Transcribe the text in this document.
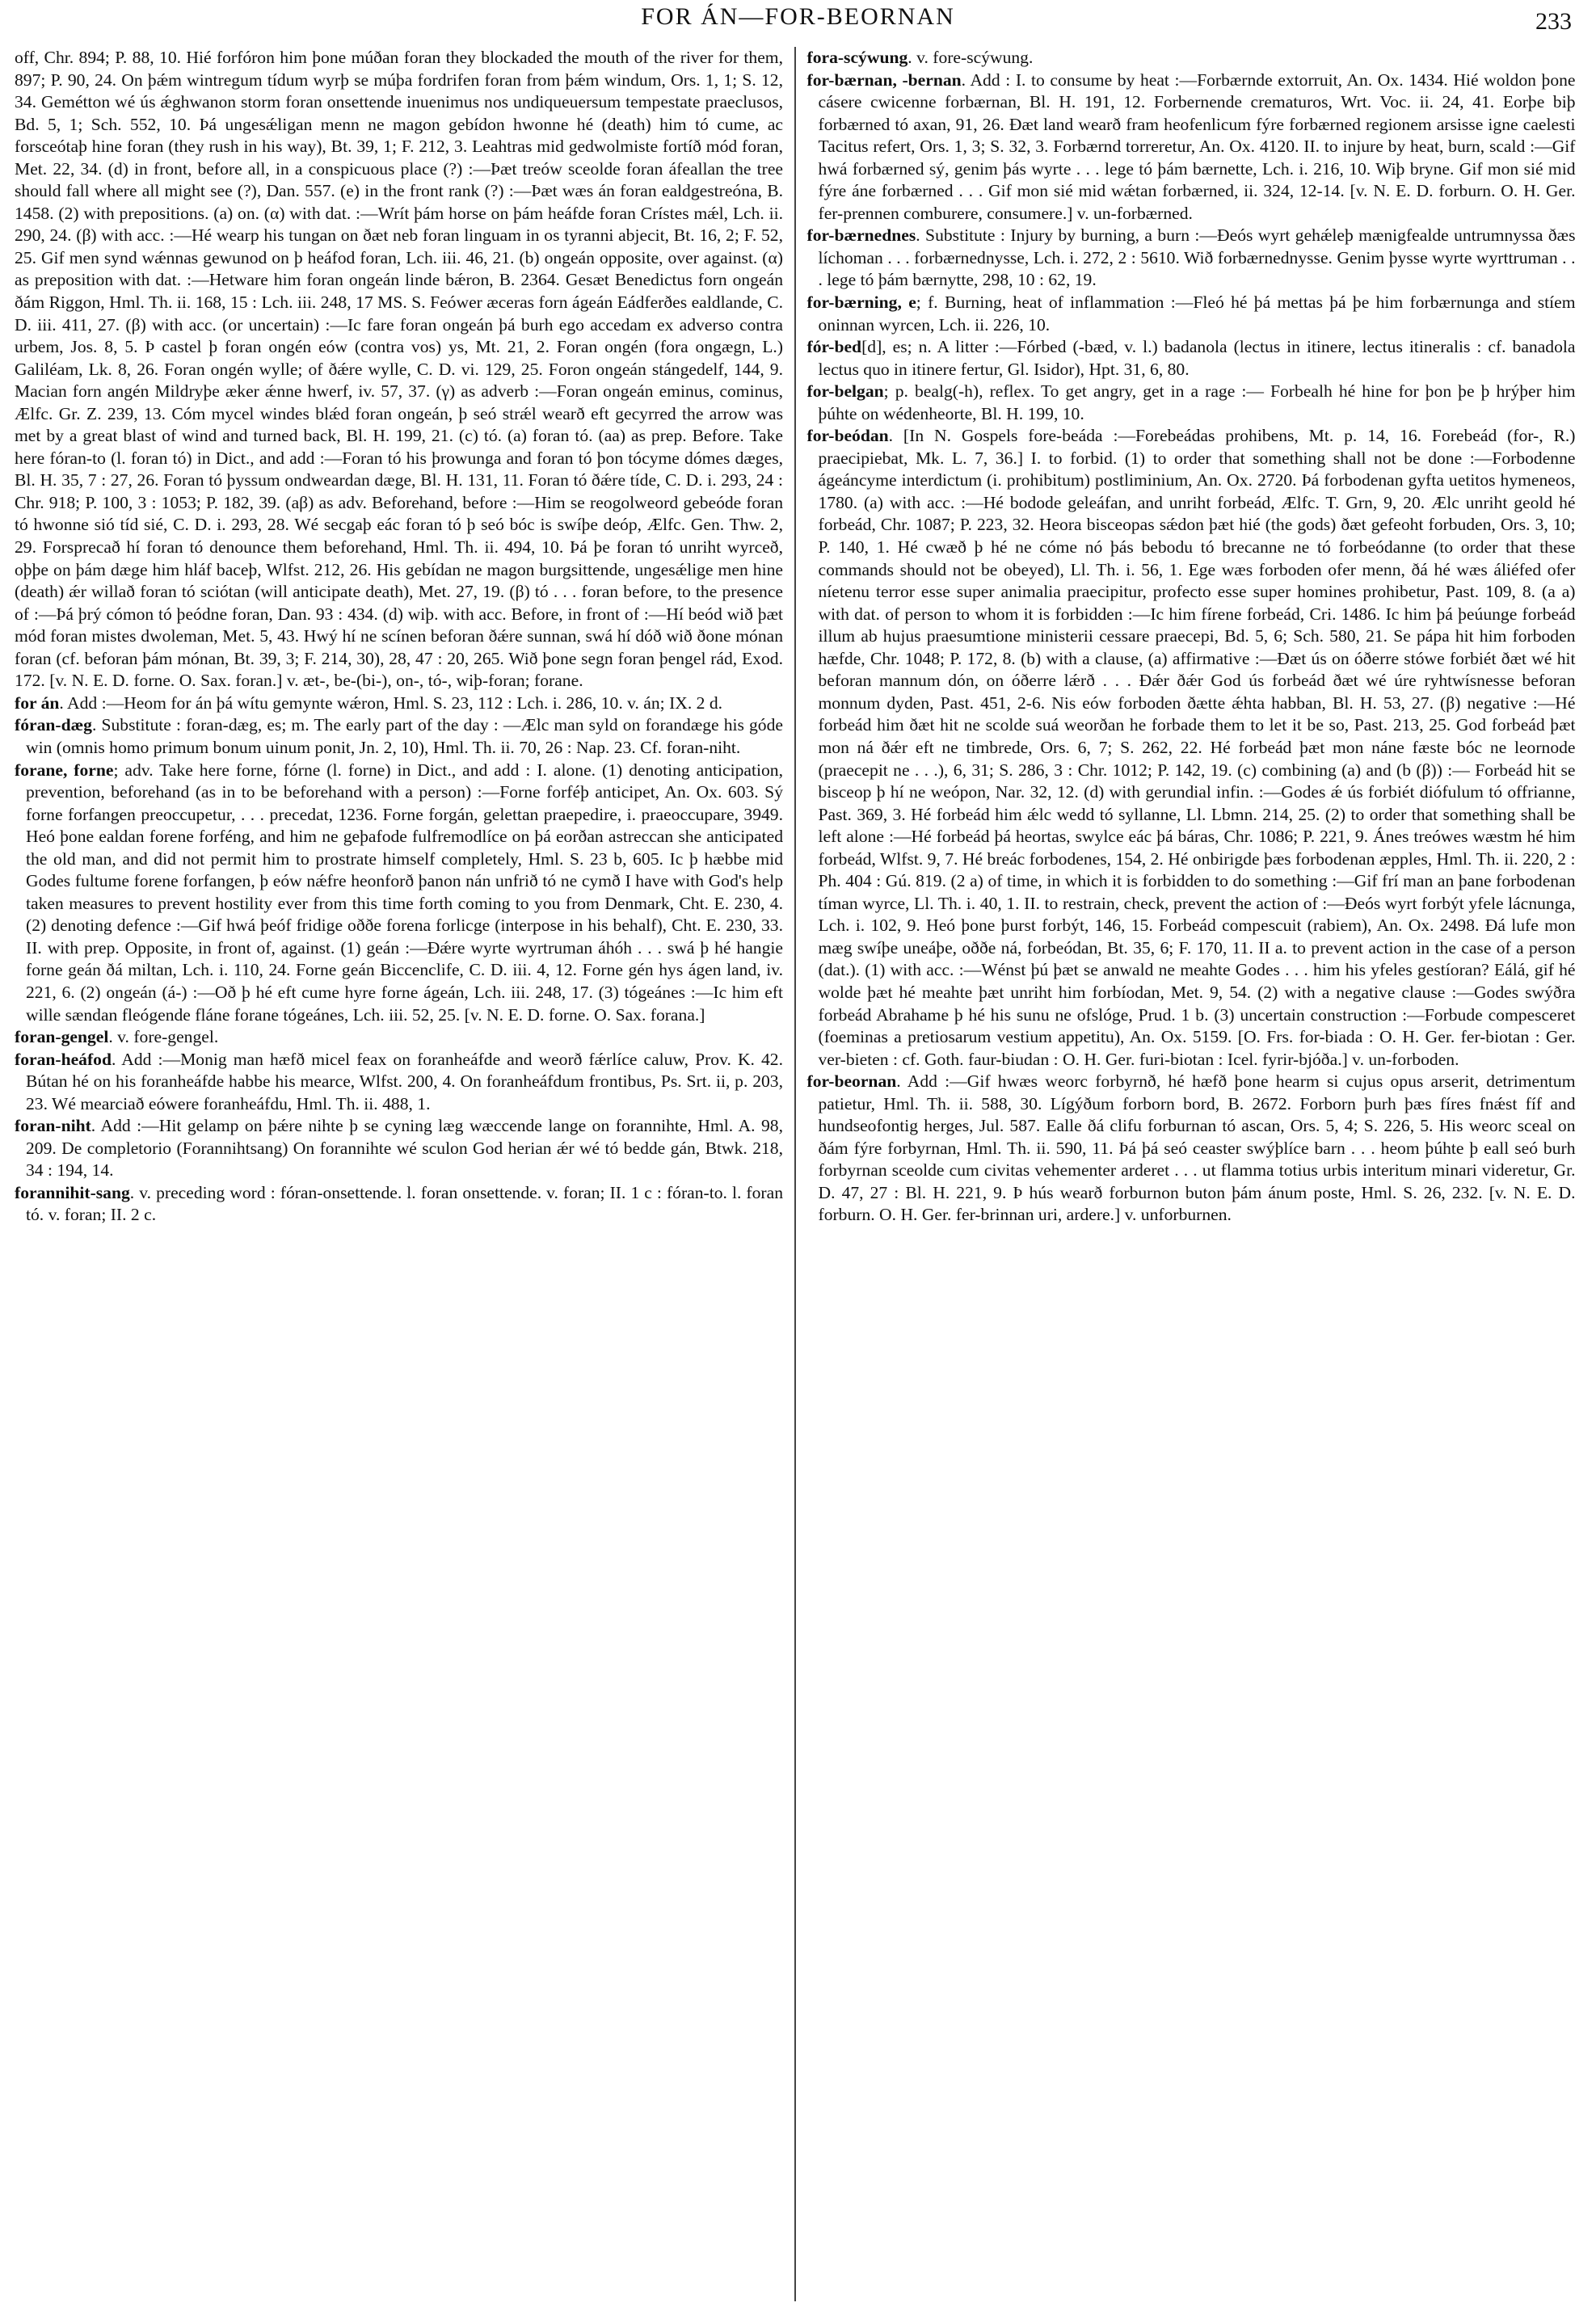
FOR ÁN—FOR-BEORNAN	233

off, Chr. 894; P. 88, 10. Hié forfóron him þone múðan foran they blockaded the mouth of the river for them, 897; P. 90, 24. On þǽm wintregum tídum wyrþ se múþa fordrifen foran from þǽm windum, Ors. 1, 1; S. 12, 34. Gemétton wé ús ǽghwanon storm foran onsettende inuenimus nos undiqueuersum tempestate praeclusos, Bd. 5, 1; Sch. 552, 10. Þá ungesǽligan menn ne magon gebídon hwonne hé (death) him tó cume, ac forsceótaþ hine foran (they rush in his way), Bt. 39, 1; F. 212, 3. Leahtras mid gedwolmiste fortíð mód foran, Met. 22, 34. (d) in front, before all, in a conspicuous place (?) :—Þæt treów sceolde foran áfeallan the tree should fall where all might see (?), Dan. 557. (e) in the front rank (?) :—Þæt wæs án foran ealdgestreóna, B. 1458. (2) with prepositions. (a) on. (α) with dat. :—Wrít þám horse on þám heáfde foran Crístes mǽl, Lch. ii. 290, 24. (β) with acc. :—Hé wearp his tungan on ðæt neb foran linguam in os tyranni abjecit, Bt. 16, 2; F. 52, 25. Gif men synd wǽnnas gewunod on þ heáfod foran, Lch. iii. 46, 21. (b) ongeán opposite, over against. (α) as preposition with dat. :—Hetware him foran ongeán linde bǽron, B. 2364. Gesæt Benedictus forn ongeán ðám Riggon, Hml. Th. ii. 168, 15 : Lch. iii. 248, 17 MS. S. Feówer æceras forn ágeán Eádferðes ealdlande, C. D. iii. 411, 27. (β) with acc. (or uncertain) :—Ic fare foran ongeán þá burh ego accedam ex adverso contra urbem, Jos. 8, 5. Þ castel þ foran ongén eów (contra vos) ys, Mt. 21, 2. Foran ongén (fora ongægn, L.) Galiléam, Lk. 8, 26. Foran ongén wylle; of ðǽre wylle, C. D. vi. 129, 25. Foron ongeán stángedelf, 144, 9. Macian forn angén Mildryþe æker ǽnne hwerf, iv. 57, 37. (γ) as adverb :—Foran ongeán eminus, cominus, Ælfc. Gr. Z. 239, 13. Cóm mycel windes blǽd foran ongeán, þ seó strǽl wearð eft gecyrred the arrow was met by a great blast of wind and turned back, Bl. H. 199, 21. (c) tó. (a) foran tó. (aa) as prep. Before. Take here fóran-to (l. foran tó) in Dict., and add :—Foran tó his þrowunga and foran tó þon tócyme dómes dæges, Bl. H. 35, 7 : 27, 26. Foran tó þyssum ondweardan dæge, Bl. H. 131, 11. Foran tó ðǽre tíde, C. D. i. 293, 24 : Chr. 918; P. 100, 3 : 1053; P. 182, 39. (aβ) as adv. Beforehand, before :—Him se reogolweord gebeóde foran tó hwonne sió tíd sié, C. D. i. 293, 28. Wé secgaþ eác foran tó þ seó bóc is swíþe deóp, Ælfc. Gen. Thw. 2, 29. Forsprecað hí foran tó denounce them beforehand, Hml. Th. ii. 494, 10. Þá þe foran tó unriht wyrceð, oþþe on þám dæge him hláf baceþ, Wlfst. 212, 26. His gebídan ne magon burgsittende, ungesǽlige men hine (death) ǽr willað foran tó sciótan (will anticipate death), Met. 27, 19. (β) tó . . . foran before, to the presence of :—Þá þrý cómon tó þeódne foran, Dan. 93 : 434. (d) wiþ. with acc. Before, in front of :—Hí beód wið þæt mód foran mistes dwoleman, Met. 5, 43. Hwý hí ne scínen beforan ðǽre sunnan, swá hí dóð wið ðone mónan foran (cf. beforan þám mónan, Bt. 39, 3; F. 214, 30), 28, 47 : 20, 265. Wið þone segn foran þengel rád, Exod. 172. [v. N. E. D. forne. O. Sax. foran.] v. æt-, be-(bi-), on-, tó-, wiþ-foran; forane.

for án. Add :—Heom for án þá wítu gemynte wǽron, Hml. S. 23, 112 : Lch. i. 286, 10. v. án; IX. 2 d.

fóran-dæg. Substitute : foran-dæg, es; m. The early part of the day : —Ælc man syld on forandæge his góde win (omnis homo primum bonum uinum ponit, Jn. 2, 10), Hml. Th. ii. 70, 26 : Nap. 23. Cf. foran-niht.

forane, forne; adv. Take here forne, fórne (l. forne) in Dict., and add : I. alone. (1) denoting anticipation, prevention, beforehand (as in to be beforehand with a person) :—Forne forféþ anticipet, An. Ox. 603. Sý forne forfangen preoccupetur, . . . precedat, 1236. Forne forgán, gelettan praepedire, i. praeoccupare, 3949. Heó þone ealdan forene forféng, and him ne geþafode fulfremodlíce on þá eorðan astreccan she anticipated the old man, and did not permit him to prostrate himself completely, Hml. S. 23 b, 605. Ic þ hæbbe mid Godes fultume forene forfangen, þ eów nǽfre heonforð þanon nán unfrið tó ne cymð I have with God's help taken measures to prevent hostility ever from this time forth coming to you from Denmark, Cht. E. 230, 4. (2) denoting defence :—Gif hwá þeóf fridige oððe forena forlicge (interpose in his behalf), Cht. E. 230, 33. II. with prep. Opposite, in front of, against. (1) geán :—Ðǽre wyrte wyrtruman áhóh . . . swá þ hé hangie forne geán ðá miltan, Lch. i. 110, 24. Forne geán Biccenclife, C. D. iii. 4, 12. Forne gén hys ágen land, iv. 221, 6. (2) ongeán (á-) :—Oð þ hé eft cume hyre forne ágeán, Lch. iii. 248, 17. (3) tógeánes :—Ic him eft wille sændan fleógende fláne forane tógeánes, Lch. iii. 52, 25. [v. N. E. D. forne. O. Sax. forana.]

foran-gengel. v. fore-gengel.

foran-heáfod. Add :—Monig man hæfð micel feax on foranheáfde and weorð fǽrlíce caluw, Prov. K. 42. Bútan hé on his foranheáfde habbe his mearce, Wlfst. 200, 4. On foranheáfdum frontibus, Ps. Srt. ii, p. 203, 23. Wé mearciað eówere foranheáfdu, Hml. Th. ii. 488, 1.

foran-niht. Add :—Hit gelamp on þǽre nihte þ se cyning læg wæccende lange on forannihte, Hml. A. 98, 209. De completorio (Forannihtsang) On forannihte wé sculon God herian ǽr wé tó bedde gán, Btwk. 218, 34 : 194, 14.

forannihit-sang. v. preceding word : fóran-onsettende. l. foran onsettende. v. foran; II. 1 c : fóran-to. l. foran tó. v. foran; II. 2 c.

fora-scýwung. v. fore-scýwung.

for-bærnan, -bernan. Add : I. to consume by heat :—Forbærnde extorruit, An. Ox. 1434. Hié woldon þone cásere cwicenne forbærnan, Bl. H. 191, 12. Forbernende crematuros, Wrt. Voc. ii. 24, 41. Eorþe biþ forbærned tó axan, 91, 26. Ðæt land wearð fram heofenlicum fýre forbærned regionem arsisse igne caelesti Tacitus refert, Ors. 1, 3; S. 32, 3. Forbærnd torreretur, An. Ox. 4120. II. to injure by heat, burn, scald :—Gif hwá forbærned sý, genim þás wyrte . . . lege tó þám bærnette, Lch. i. 216, 10. Wiþ bryne. Gif mon sié mid fýre áne forbærned . . . Gif mon sié mid wǽtan forbærned, ii. 324, 12-14. [v. N. E. D. forburn. O. H. Ger. fer-prennen comburere, consumere.] v. un-forbærned.

for-bærnednes. Substitute : Injury by burning, a burn :—Ðeós wyrt gehǽleþ mænigfealde untrumnyssa ðæs líchoman . . . forbærnednysse, Lch. i. 272, 2 : 5610. Wið forbærnednysse. Genim þysse wyrte wyrttruman . . . lege tó þám bærnytte, 298, 10 : 62, 19.

for-bærning, e; f. Burning, heat of inflammation :—Fleó hé þá mettas þá þe him forbærnunga and stíem oninnan wyrcen, Lch. ii. 226, 10.

fór-bed[d], es; n. A litter :—Fórbed (-bæd, v. l.) badanola (lectus in itinere, lectus itineralis : cf. banadola lectus quo in itinere fertur, Gl. Isidor), Hpt. 31, 6, 80.

for-belgan; p. bealg(-h), reflex. To get angry, get in a rage :— Forbealh hé hine for þon þe þ hrýþer him þúhte on wédenheorte, Bl. H. 199, 10.

for-beódan. [In N. Gospels fore-beáda :—Forebeádas prohibens, Mt. p. 14, 16. Forebeád (for-, R.) praecipiebat, Mk. L. 7, 36.] I. to forbid. (1) to order that something shall not be done :—Forbodenne ágeáncyme interdictum (i. prohibitum) postliminium, An. Ox. 2720. Þá forbodenan gyfta uetitos hymeneos, 1780. (a) with acc. :—Hé bodode geleáfan, and unriht forbeád, Ælfc. T. Grn, 9, 20. Ælc unriht geold hé forbeád, Chr. 1087; P. 223, 32. Heora bisceopas sǽdon þæt hié (the gods) ðæt gefeoht forbuden, Ors. 3, 10; P. 140, 1. Hé cwæð þ hé ne cóme nó þás bebodu tó brecanne ne tó forbeódanne (to order that these commands should not be obeyed), Ll. Th. i. 56, 1. Ege wæs forboden ofer menn, ðá hé wæs áliéfed ofer níetenu terror esse super animalia praecipitur, profecto esse super homines prohibetur, Past. 109, 8. (a a) with dat. of person to whom it is forbidden :—Ic him fírene forbeád, Cri. 1486. Ic him þá þeúunge forbeád illum ab hujus praesumtione ministerii cessare praecepi, Bd. 5, 6; Sch. 580, 21. Se pápa hit him forboden hæfde, Chr. 1048; P. 172, 8. (b) with a clause, (a) affirmative :—Ðæt ús on óðerre stówe forbiét ðæt wé hit beforan mannum dón, on óðerre lǽrð . . . Ðǽr ðǽr God ús forbeád ðæt wé úre ryhtwísnesse beforan monnum dyden, Past. 451, 2-6. Nis eów forboden ðætte ǽhta habban, Bl. H. 53, 27. (β) negative :—Hé forbeád him ðæt hit ne scolde suá weorðan he forbade them to let it be so, Past. 213, 25. God forbeád þæt mon ná ðǽr eft ne timbrede, Ors. 6, 7; S. 262, 22. Hé forbeád þæt mon náne fæste bóc ne leornode (praecepit ne . . .), 6, 31; S. 286, 3 : Chr. 1012; P. 142, 19. (c) combining (a) and (b (β)) :— Forbeád hit se bisceop þ hí ne weópon, Nar. 32, 12. (d) with gerundial infin. :—Godes ǽ ús forbiét diófulum tó offrianne, Past. 369, 3. Hé forbeád him ǽlc wedd tó syllanne, Ll. Lbmn. 214, 25. (2) to order that something shall be left alone :—Hé forbeád þá heortas, swylce eác þá báras, Chr. 1086; P. 221, 9. Ánes treówes wæstm hé him forbeád, Wlfst. 9, 7. Hé breác forbodenes, 154, 2. Hé onbirigde þæs forbodenan æpples, Hml. Th. ii. 220, 2 : Ph. 404 : Gú. 819. (2 a) of time, in which it is forbidden to do something :—Gif frí man an þane forbodenan tíman wyrce, Ll. Th. i. 40, 1. II. to restrain, check, prevent the action of :—Ðeós wyrt forbýt yfele lácnunga, Lch. i. 102, 9. Heó þone þurst forbýt, 146, 15. Forbeád compescuit (rabiem), An. Ox. 2498. Ðá lufe mon mæg swíþe uneáþe, oððe ná, forbeódan, Bt. 35, 6; F. 170, 11. II a. to prevent action in the case of a person (dat.). (1) with acc. :—Wénst þú þæt se anwald ne meahte Godes . . . him his yfeles gestíoran? Eálá, gif hé wolde þæt hé meahte þæt unriht him forbíodan, Met. 9, 54. (2) with a negative clause :—Godes swýðra forbeád Abrahame þ hé his sunu ne ofslóge, Prud. 1 b. (3) uncertain construction :—Forbude compesceret (foeminas a pretiosarum vestium appetitu), An. Ox. 5159. [O. Frs. for-biada : O. H. Ger. fer-biotan : Ger. ver-bieten : cf. Goth. faur-biudan : O. H. Ger. furi-biotan : Icel. fyrir-bjóða.] v. un-forboden.

for-beornan. Add :—Gif hwæs weorc forbyrnð, hé hæfð þone hearm si cujus opus arserit, detrimentum patietur, Hml. Th. ii. 588, 30. Lígýðum forborn bord, B. 2672. Forborn þurh þæs fíres fnǽst fíf and hundseofontig herges, Jul. 587. Ealle ðá clifu forburnan tó ascan, Ors. 5, 4; S. 226, 5. His weorc sceal on ðám fýre forbyrnan, Hml. Th. ii. 590, 11. Þá þá seó ceaster swýþlíce barn . . . heom þúhte þ eall seó burh forbyrnan sceolde cum civitas vehementer arderet . . . ut flamma totius urbis interitum minari videretur, Gr. D. 47, 27 : Bl. H. 221, 9. Þ hús wearð forburnon buton þám ánum poste, Hml. S. 26, 232. [v. N. E. D. forburn. O. H. Ger. fer-brinnan uri, ardere.] v. unforburnen.
